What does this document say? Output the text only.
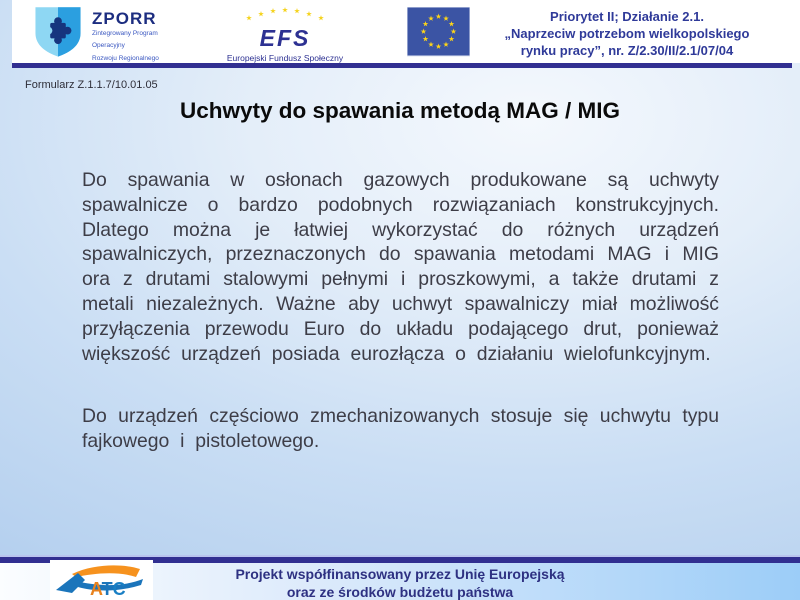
ZPORR
Zintegrowany Program
Operacyjny
Rozwoju Regionalnego
EFS
Europejski Fundusz Społeczny
Priorytet II; Działanie 2.1.
„Naprzeciw potrzebom wielkopolskiego
rynku pracy”, nr. Z/2.30/II/2.1/07/04
Formularz Z.1.1.7/10.01.05
Uchwyty do spawania metodą MAG / MIG

Do spawania w osłonach gazowych produkowane są uchwyty spawalnicze o bardzo podobnych rozwiązaniach konstrukcyjnych. Dlatego można je łatwiej wykorzystać do różnych urządzeń spawalniczych, przeznaczonych do spawania metodami MAG i MIG ora z drutami stalowymi pełnymi i proszkowymi, a także drutami z metali niezależnych. Ważne aby uchwyt spawalniczy miał możliwość przyłączenia przewodu Euro do układu podającego drut, ponieważ większość urządzeń posiada eurozłącza o działaniu wielofunkcyjnym.

Do urządzeń częściowo zmechanizowanych stosuje się uchwytu typu fajkowego i pistoletowego.

ATC
Projekt współfinansowany przez Unię Europejską
oraz ze środków budżetu państwa
